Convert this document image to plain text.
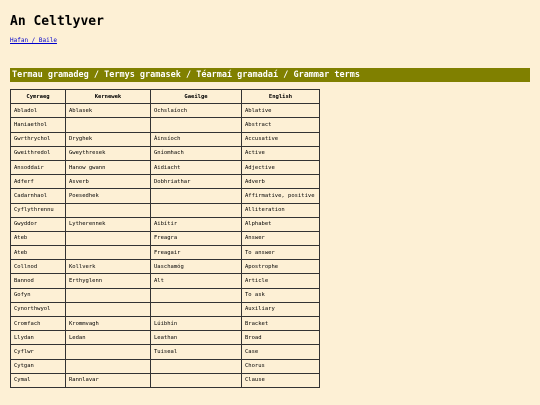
An Celtlyver
Hafan / Baile
Termau gramadeg / Termys gramasek / Téarmaí gramadaí / Grammar terms
Cymraeg	Kernewek	Gaeilge	English
Abladol	Ablasek	Ochslaíoch	Ablative
Haniaethol			Abstract
Gwrthrychol	Dryghek	Áinsíoch	Accusative
Gweithredol	Gweythresek	Gníomhach	Active
Ansoddair	Hanow gwann	Aidiacht	Adjective
Adferf	Asverb	Dobhriathar	Adverb
Cadarnhaol	Poesedhek		Affirmative, positive
Cyflythrennu			Alliteration
Gwyddor	Lytherennek	Aibítir	Alphabet
Ateb		Freagra	Answer
Ateb		Freagair	To answer
Collnod	Kollverk	Uaschamóg	Apostrophe
Bannod	Erthyglenn	Alt	Article
Gofyn			To ask
Cynorthwyol			Auxiliary
Cromfach	Krommvagh	Lúibhín	Bracket
Llydan	Ledan	Leathan	Broad
Cyflwr		Tuiseal	Case
Cytgan			Chorus
Cymal	Rannlavar		Clause
